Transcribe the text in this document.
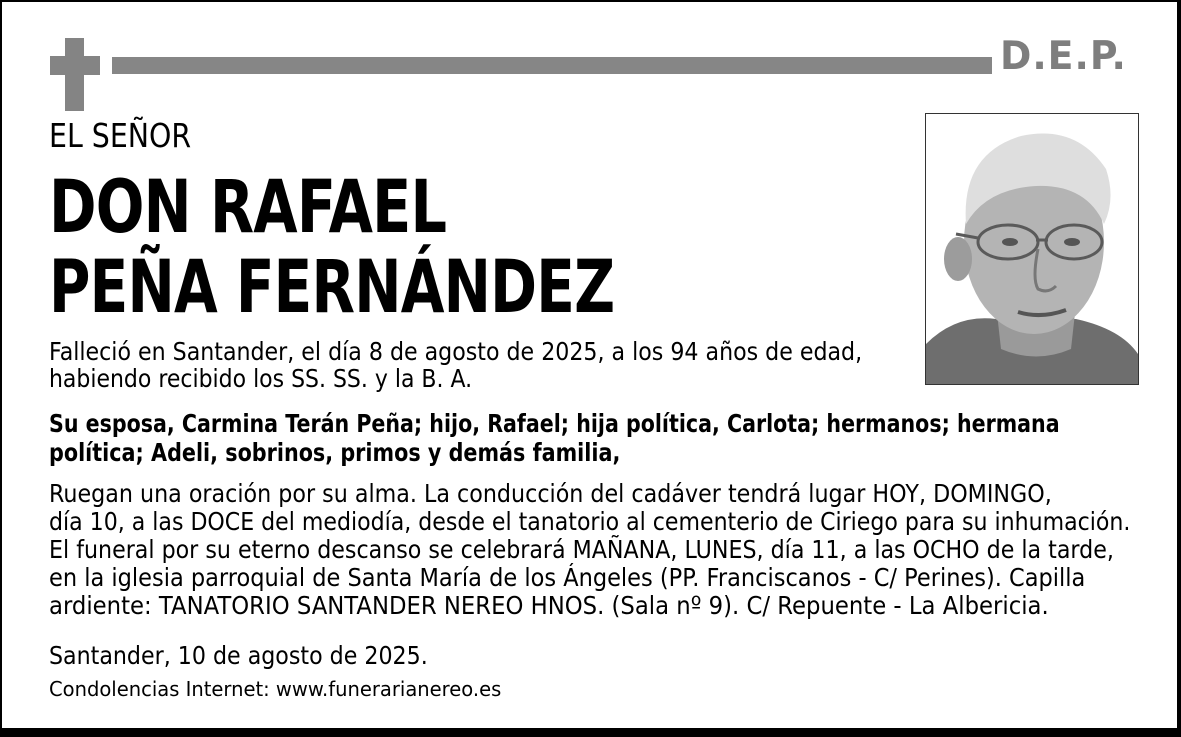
D.E.P.
EL SEÑOR
DON RAFAEL
PEÑA FERNÁNDEZ
Falleció en Santander, el día 8 de agosto de 2025, a los 94 años de edad,
habiendo recibido los SS. SS. y la B. A.
Su esposa, Carmina Terán Peña; hijo, Rafael; hija política, Carlota; hermanos; hermana
política; Adeli, sobrinos, primos y demás familia,
Ruegan una oración por su alma. La conducción del cadáver tendrá lugar HOY, DOMINGO,
día 10, a las DOCE del mediodía, desde el tanatorio al cementerio de Ciriego para su inhumación.
El funeral por su eterno descanso se celebrará MAÑANA, LUNES, día 11, a las OCHO de la tarde,
en la iglesia parroquial de Santa María de los Ángeles (PP. Franciscanos - C/ Perines). Capilla
ardiente: TANATORIO SANTANDER NEREO HNOS. (Sala nº 9). C/ Repuente - La Albericia.
Santander, 10 de agosto de 2025.
Condolencias Internet: www.funerarianereo.es
